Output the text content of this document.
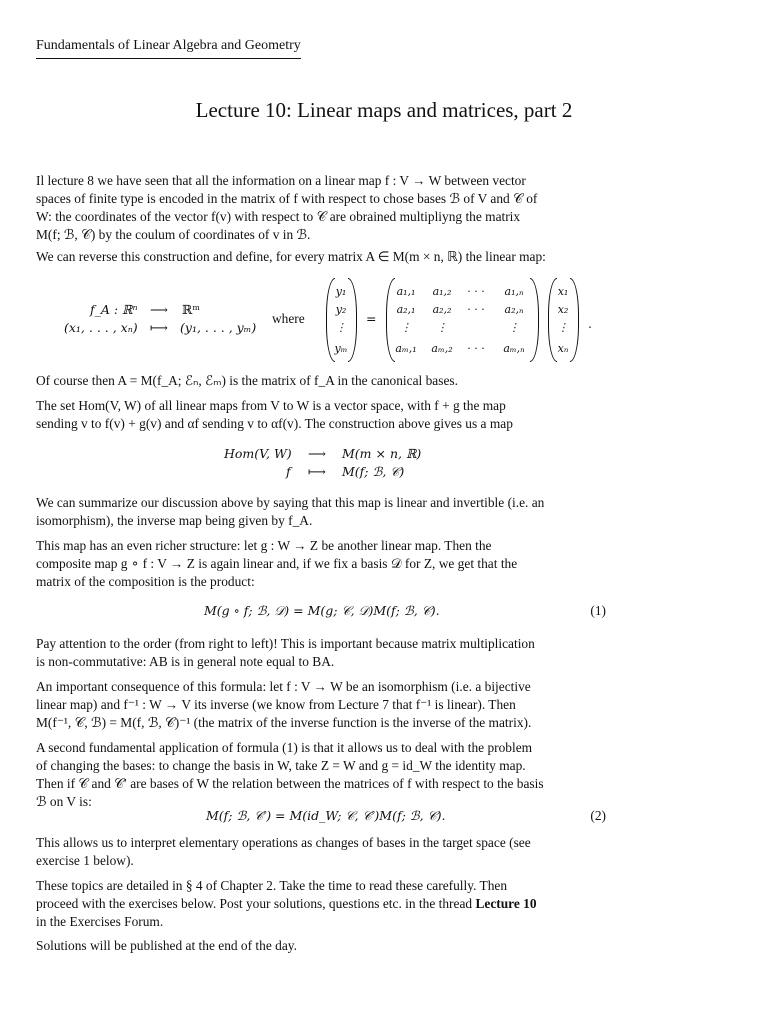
Fundamentals of Linear Algebra and Geometry
Lecture 10: Linear maps and matrices, part 2
Il lecture 8 we have seen that all the information on a linear map f : V → W between vector
spaces of finite type is encoded in the matrix of f with respect to chose bases ℬ of V and 𝒞 of
W: the coordinates of the vector f(v) with respect to 𝒞 are obrained multipliyng the matrix
M(f; ℬ, 𝒞) by the coulum of coordinates of v in ℬ.
We can reverse this construction and define, for every matrix A ∈ M(m × n, ℝ) the linear map:
f_A : ℝⁿ ⟶ ℝᵐ
(x₁, . . . , xₙ) ⟼ (y₁, . . . , yₘ)
where
y₁
y₂
⋮
yₘ
=
a₁,₁	a₁,₂	· · ·	a₁,ₙ
a₂,₁	a₂,₂	· · ·	a₂,ₙ
⋮	⋮	⋮
aₘ,₁	aₘ,₂	· · ·	aₘ,ₙ
x₁
x₂
⋮
xₙ
.
Of course then A = M(f_A; ℰₙ, ℰₘ) is the matrix of f_A in the canonical bases.
The set Hom(V, W) of all linear maps from V to W is a vector space, with f + g the map
sending v to f(v) + g(v) and αf sending v to αf(v). The construction above gives us a map
Hom(V, W) ⟶ M(m × n, ℝ)
f ⟼ M(f; ℬ, 𝒞)
We can summarize our discussion above by saying that this map is linear and invertible (i.e. an
isomorphism), the inverse map being given by f_A.
This map has an even richer structure: let g : W → Z be another linear map. Then the
composite map g ∘ f : V → Z is again linear and, if we fix a basis 𝒟 for Z, we get that the
matrix of the composition is the product:
M(g ∘ f; ℬ, 𝒟) = M(g; 𝒞, 𝒟)M(f; ℬ, 𝒞).	(1)
Pay attention to the order (from right to left)! This is important because matrix multiplication
is non-commutative: AB is in general note equal to BA.
An important consequence of this formula: let f : V → W be an isomorphism (i.e. a bijective
linear map) and f⁻¹ : W → V its inverse (we know from Lecture 7 that f⁻¹ is linear). Then
M(f⁻¹, 𝒞, ℬ) = M(f, ℬ, 𝒞)⁻¹ (the matrix of the inverse function is the inverse of the matrix).
A second fundamental application of formula (1) is that it allows us to deal with the problem
of changing the bases: to change the basis in W, take Z = W and g = id_W the identity map.
Then if 𝒞 and 𝒞′ are bases of W the relation between the matrices of f with respect to the basis
ℬ on V is:
M(f; ℬ, 𝒞′) = M(id_W; 𝒞, 𝒞′)M(f; ℬ, 𝒞).	(2)
This allows us to interpret elementary operations as changes of bases in the target space (see
exercise 1 below).
These topics are detailed in § 4 of Chapter 2. Take the time to read these carefully. Then
proceed with the exercises below. Post your solutions, questions etc. in the thread Lecture 10
in the Exercises Forum.
Solutions will be published at the end of the day.
